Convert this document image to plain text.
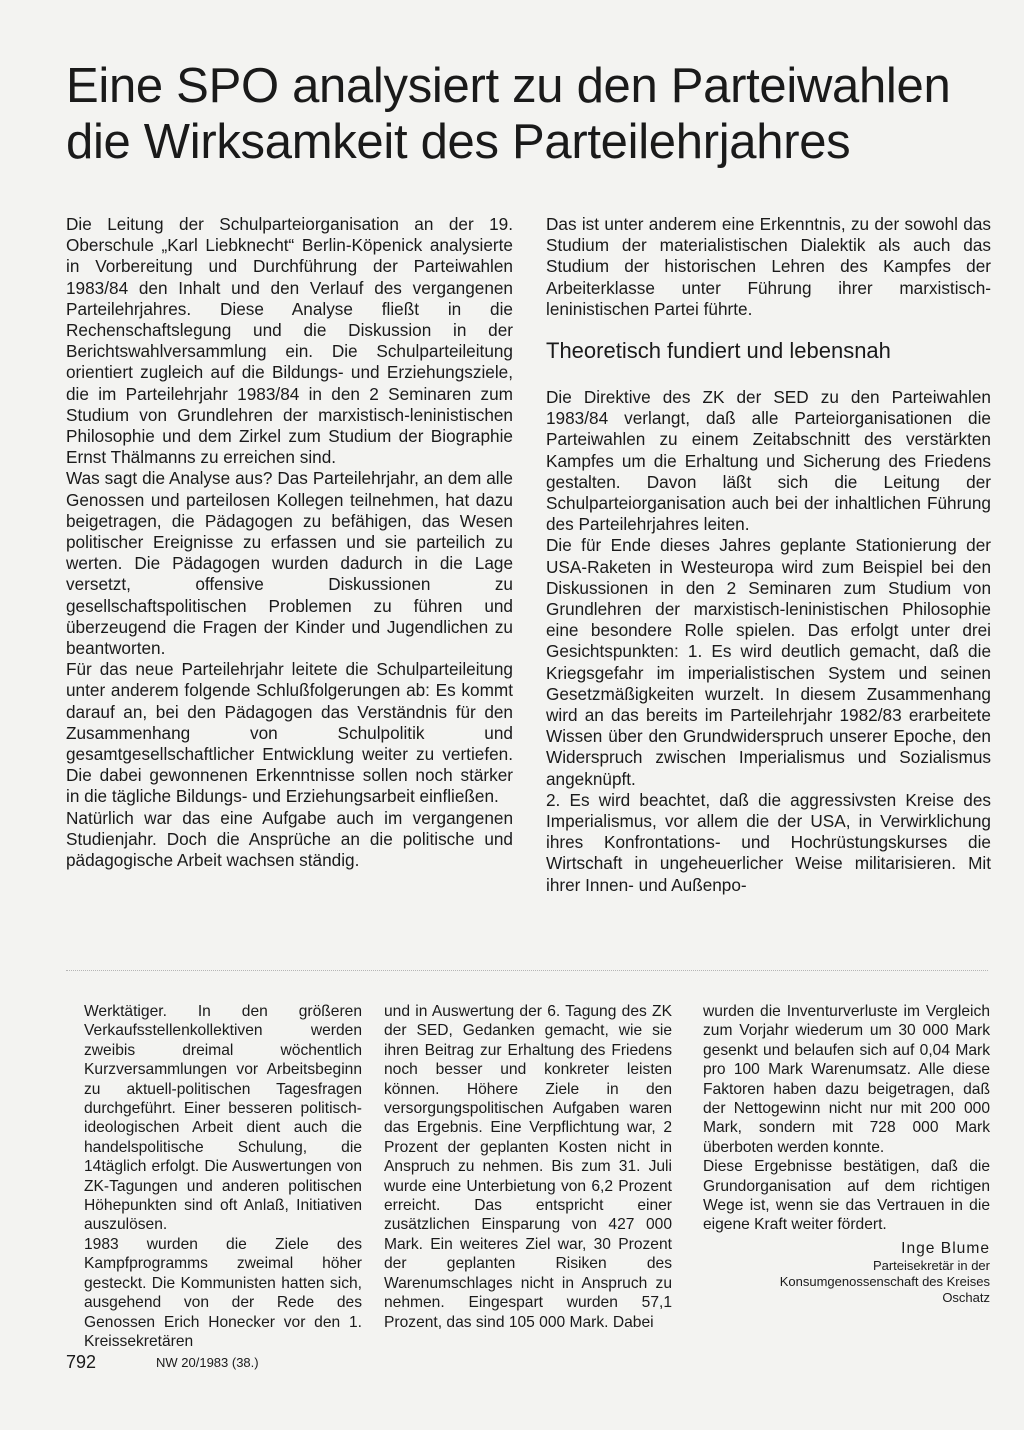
Eine SPO analysiert zu den Parteiwahlen
die Wirksamkeit des Parteilehrjahres

Die Leitung der Schulparteiorganisation an der 19. Oberschule „Karl Liebknecht“ Berlin-Köpenick analysierte in Vorbereitung und Durchführung der Parteiwahlen 1983/84 den Inhalt und den Verlauf des vergangenen Parteilehrjahres. Diese Analyse fließt in die Rechenschaftslegung und die Diskussion in der Berichtswahlversammlung ein. Die Schulparteileitung orientiert zugleich auf die Bildungs- und Erziehungsziele, die im Parteilehrjahr 1983/84 in den 2 Seminaren zum Studium von Grundlehren der marxistisch-leninistischen Philosophie und dem Zirkel zum Studium der Biographie Ernst Thälmanns zu erreichen sind.

Was sagt die Analyse aus? Das Parteilehrjahr, an dem alle Genossen und parteilosen Kollegen teilnehmen, hat dazu beigetragen, die Pädagogen zu befähigen, das Wesen politischer Ereignisse zu erfassen und sie parteilich zu werten. Die Pädagogen wurden dadurch in die Lage versetzt, offensive Diskussionen zu gesellschaftspolitischen Problemen zu führen und überzeugend die Fragen der Kinder und Jugendlichen zu beantworten.

Für das neue Parteilehrjahr leitete die Schulparteileitung unter anderem folgende Schlußfolgerungen ab: Es kommt darauf an, bei den Pädagogen das Verständnis für den Zusammenhang von Schulpolitik und gesamtgesellschaftlicher Entwicklung weiter zu vertiefen. Die dabei gewonnenen Erkenntnisse sollen noch stärker in die tägliche Bildungs- und Erziehungsarbeit einfließen.

Natürlich war das eine Aufgabe auch im vergangenen Studienjahr. Doch die Ansprüche an die politische und pädagogische Arbeit wachsen ständig.

Das ist unter anderem eine Erkenntnis, zu der sowohl das Studium der materialistischen Dialektik als auch das Studium der historischen Lehren des Kampfes der Arbeiterklasse unter Führung ihrer marxistisch-leninistischen Partei führte.

Theoretisch fundiert und lebensnah

Die Direktive des ZK der SED zu den Parteiwahlen 1983/84 verlangt, daß alle Parteiorganisationen die Parteiwahlen zu einem Zeitabschnitt des verstärkten Kampfes um die Erhaltung und Sicherung des Friedens gestalten. Davon läßt sich die Leitung der Schulparteiorganisation auch bei der inhaltlichen Führung des Parteilehrjahres leiten.

Die für Ende dieses Jahres geplante Stationierung der USA-Raketen in Westeuropa wird zum Beispiel bei den Diskussionen in den 2 Seminaren zum Studium von Grundlehren der marxistisch-leninistischen Philosophie eine besondere Rolle spielen. Das erfolgt unter drei Gesichtspunkten: 1. Es wird deutlich gemacht, daß die Kriegsgefahr im imperialistischen System und seinen Gesetzmäßigkeiten wurzelt. In diesem Zusammenhang wird an das bereits im Parteilehrjahr 1982/83 erarbeitete Wissen über den Grundwiderspruch unserer Epoche, den Widerspruch zwischen Imperialismus und Sozialismus angeknüpft.

2. Es wird beachtet, daß die aggressivsten Kreise des Imperialismus, vor allem die der USA, in Verwirklichung ihres Konfrontations- und Hochrüstungskurses die Wirtschaft in ungeheuerlicher Weise militarisieren. Mit ihrer Innen- und Außenpo-

Werktätiger. In den größeren Verkaufsstellenkollektiven werden zweibis dreimal wöchentlich Kurzversammlungen vor Arbeitsbeginn zu aktuell-politischen Tagesfragen durchgeführt. Einer besseren politisch-ideologischen Arbeit dient auch die handelspolitische Schulung, die 14täglich erfolgt. Die Auswertungen von ZK-Tagungen und anderen politischen Höhepunkten sind oft Anlaß, Initiativen auszulösen.

1983 wurden die Ziele des Kampfprogramms zweimal höher gesteckt. Die Kommunisten hatten sich, ausgehend von der Rede des Genossen Erich Honecker vor den 1. Kreissekretären

und in Auswertung der 6. Tagung des ZK der SED, Gedanken gemacht, wie sie ihren Beitrag zur Erhaltung des Friedens noch besser und konkreter leisten können. Höhere Ziele in den versorgungspolitischen Aufgaben waren das Ergebnis. Eine Verpflichtung war, 2 Prozent der geplanten Kosten nicht in Anspruch zu nehmen. Bis zum 31. Juli wurde eine Unterbietung von 6,2 Prozent erreicht. Das entspricht einer zusätzlichen Einsparung von 427 000 Mark. Ein weiteres Ziel war, 30 Prozent der geplanten Risiken des Warenumschlages nicht in Anspruch zu nehmen. Eingespart wurden 57,1 Prozent, das sind 105 000 Mark. Dabei

wurden die Inventurverluste im Vergleich zum Vorjahr wiederum um 30 000 Mark gesenkt und belaufen sich auf 0,04 Mark pro 100 Mark Warenumsatz. Alle diese Faktoren haben dazu beigetragen, daß der Nettogewinn nicht nur mit 200 000 Mark, sondern mit 728 000 Mark überboten werden konnte.

Diese Ergebnisse bestätigen, daß die Grundorganisation auf dem richtigen Wege ist, wenn sie das Vertrauen in die eigene Kraft weiter fördert.

Inge Blume
Parteisekretär in der
Konsumgenossenschaft des Kreises
Oschatz
792	NW 20/1983 (38.)
